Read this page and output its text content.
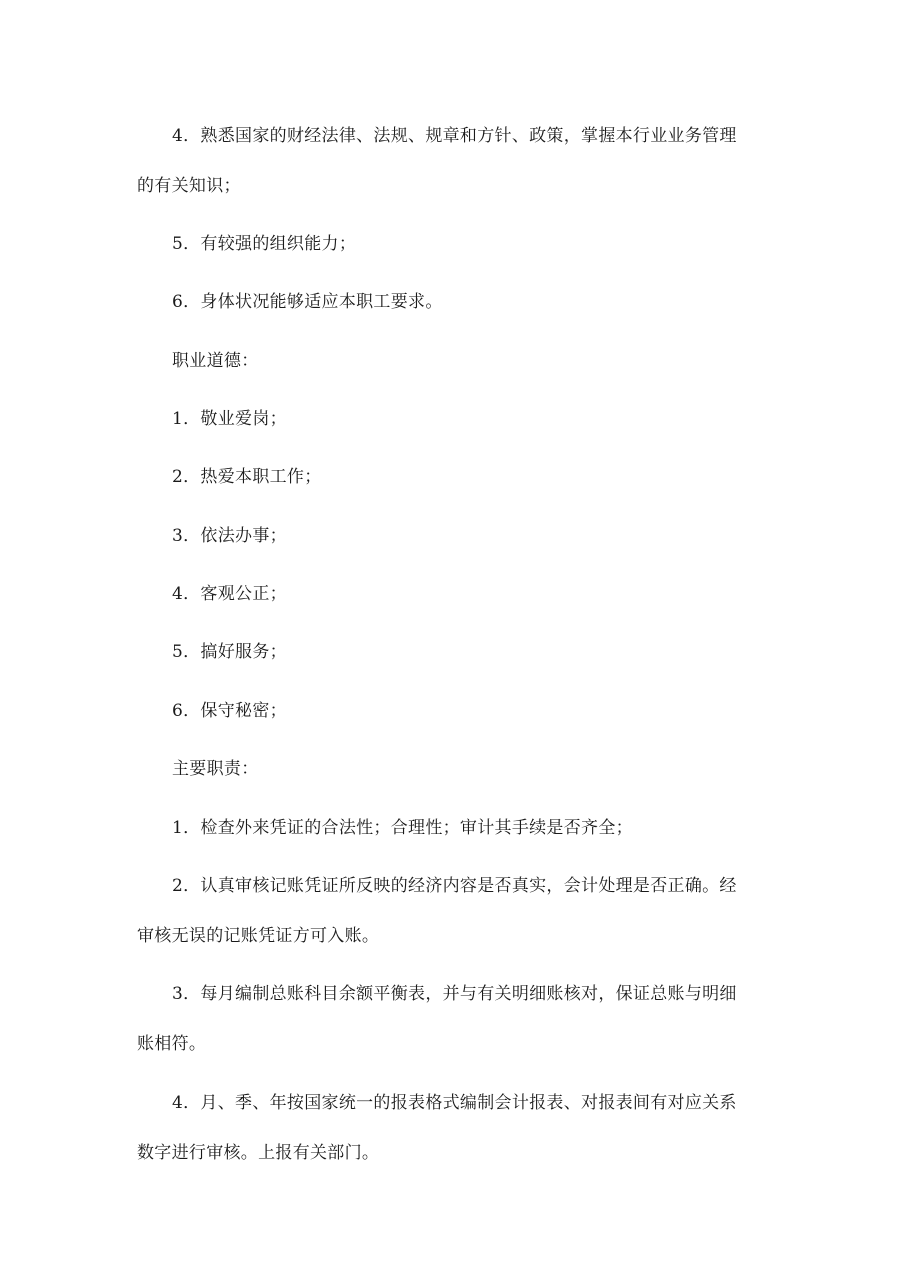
4．熟悉国家的财经法律、法规、规章和方针、政策，掌握本行业业务管理
的有关知识；
5．有较强的组织能力；
6．身体状况能够适应本职工要求。
职业道德：
1．敬业爱岗；
2．热爱本职工作；
3．依法办事；
4．客观公正；
5．搞好服务；
6．保守秘密；
主要职责：
1．检查外来凭证的合法性；合理性；审计其手续是否齐全；
2．认真审核记账凭证所反映的经济内容是否真实，会计处理是否正确。经
审核无误的记账凭证方可入账。
3．每月编制总账科目余额平衡表，并与有关明细账核对，保证总账与明细
账相符。
4．月、季、年按国家统一的报表格式编制会计报表、对报表间有对应关系
数字进行审核。上报有关部门。
